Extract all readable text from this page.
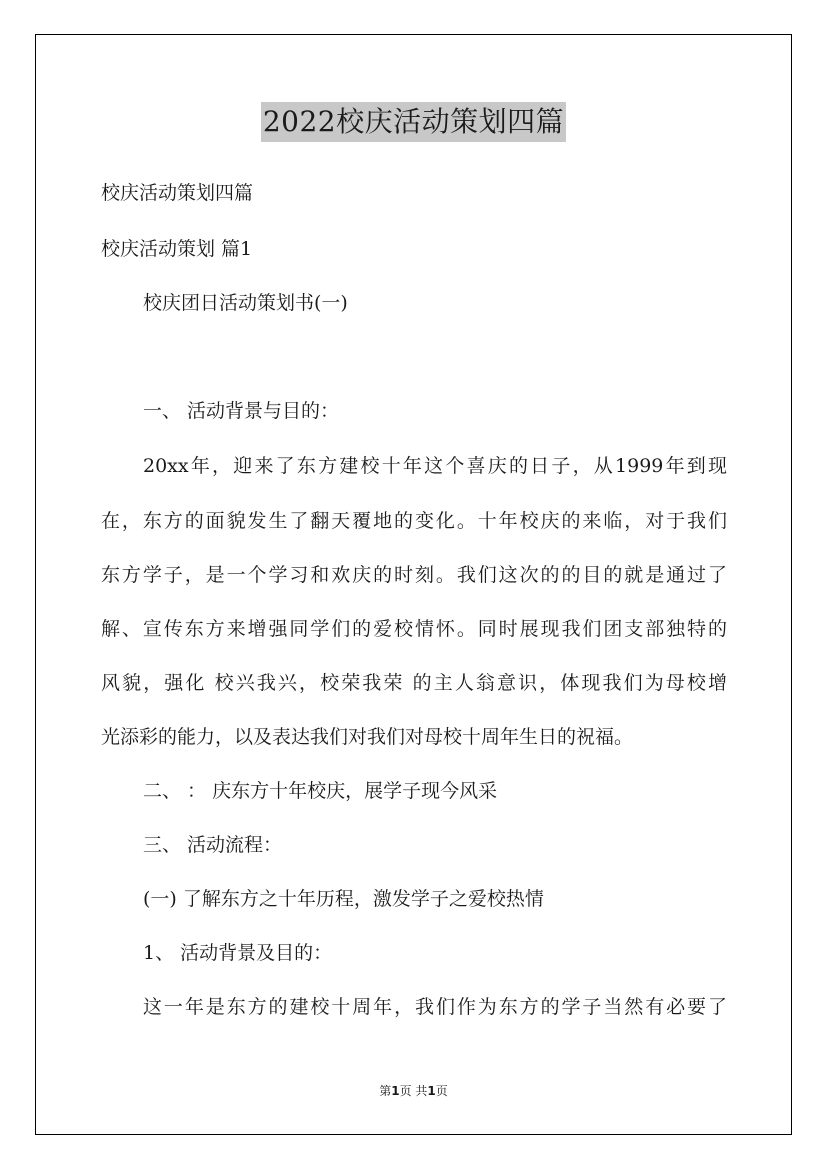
2022校庆活动策划四篇

校庆活动策划四篇

校庆活动策划 篇1

校庆团日活动策划书(一)

一、 活动背景与目的：

20xx年，迎来了东方建校十年这个喜庆的日子，从1999年到现

在，东方的面貌发生了翻天覆地的变化。十年校庆的来临，对于我们

东方学子，是一个学习和欢庆的时刻。我们这次的的目的就是通过了

解、宣传东方来增强同学们的爱校情怀。同时展现我们团支部独特的

风貌，强化 校兴我兴，校荣我荣 的主人翁意识，体现我们为母校增

光添彩的能力，以及表达我们对我们对母校十周年生日的祝福。

二、 ： 庆东方十年校庆，展学子现今风采

三、 活动流程：

(一) 了解东方之十年历程，激发学子之爱校热情

1、 活动背景及目的：

这一年是东方的建校十周年，我们作为东方的学子当然有必要了

第1页 共1页
